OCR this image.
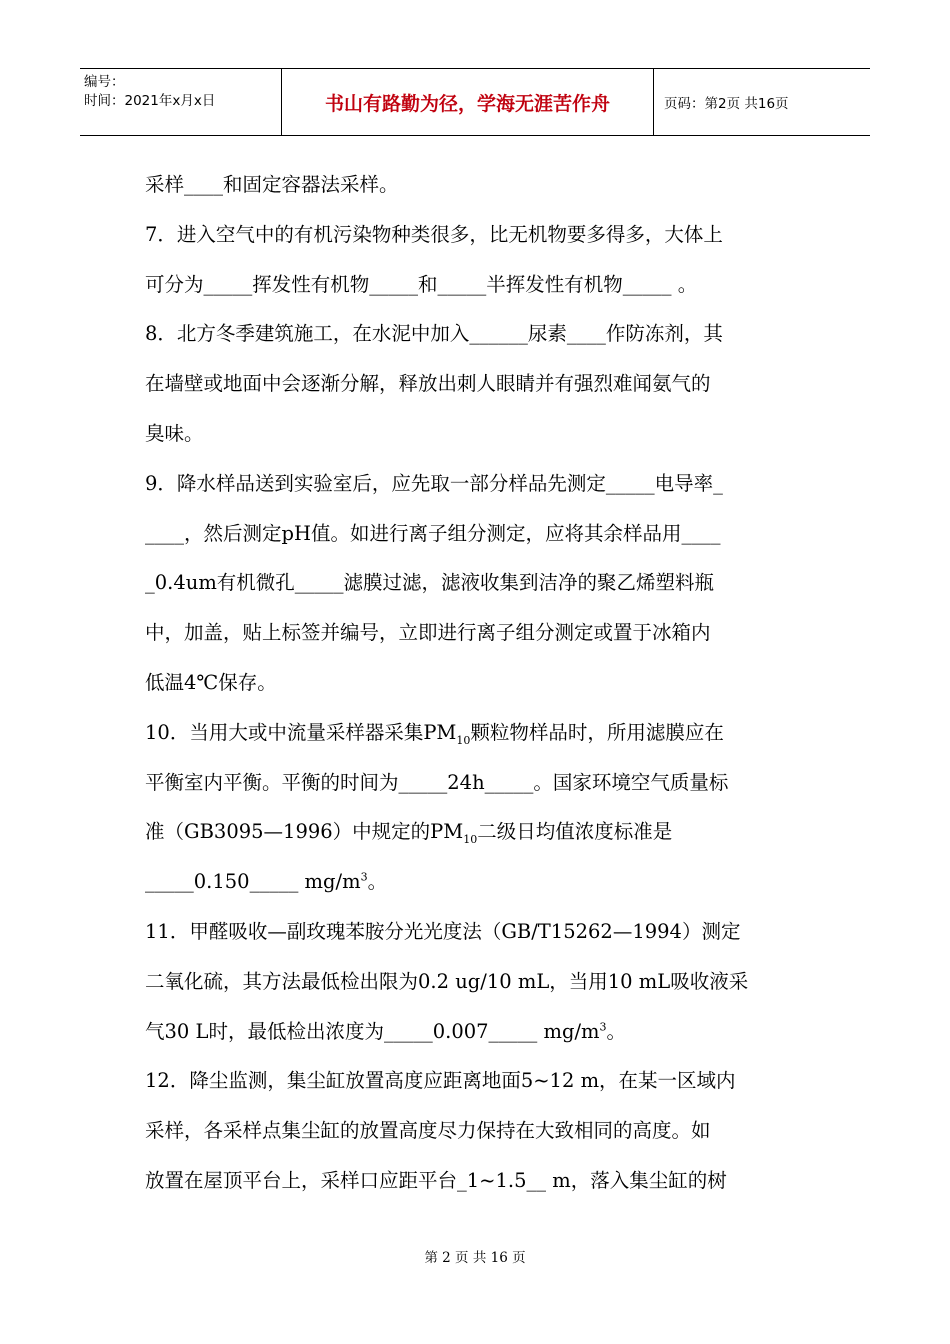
编号：
时间：2021年x月x日	书山有路勤为径，学海无涯苦作舟	页码：第2页 共16页
采样____和固定容器法采样。
7．进入空气中的有机污染物种类很多，比无机物要多得多，大体上
可分为_____挥发性有机物_____和_____半挥发性有机物_____ 。
8．北方冬季建筑施工，在水泥中加入______尿素____作防冻剂，其
在墙壁或地面中会逐渐分解，释放出刺人眼睛并有强烈难闻氨气的
臭味。
9．降水样品送到实验室后，应先取一部分样品先测定_____电导率_
____，然后测定pH值。如进行离子组分测定，应将其余样品用____
_0.4um有机微孔_____滤膜过滤，滤液收集到洁净的聚乙烯塑料瓶
中，加盖，贴上标签并编号，立即进行离子组分测定或置于冰箱内
低温4℃保存。
10．当用大或中流量采样器采集$PM_{10}$颗粒物样品时，所用滤膜应在
平衡室内平衡。平衡的时间为_____24h_____。国家环境空气质量标
准（GB3095—1996）中规定的$PM_{10}$二级日均值浓度标准是
_____0.150_____ $mg/m^3$。
11．甲醛吸收—副玫瑰苯胺分光光度法（GB/T15262—1994）测定
二氧化硫，其方法最低检出限为0.2 ug/10 mL，当用10 mL吸收液采
气30 L时，最低检出浓度为_____0.007_____ $mg/m^3$。
12．降尘监测，集尘缸放置高度应距离地面5~12 m，在某一区域内
采样，各采样点集尘缸的放置高度尽力保持在大致相同的高度。如
放置在屋顶平台上，采样口应距平台_1~1.5__ m，落入集尘缸的树
第 2 页 共 16 页
